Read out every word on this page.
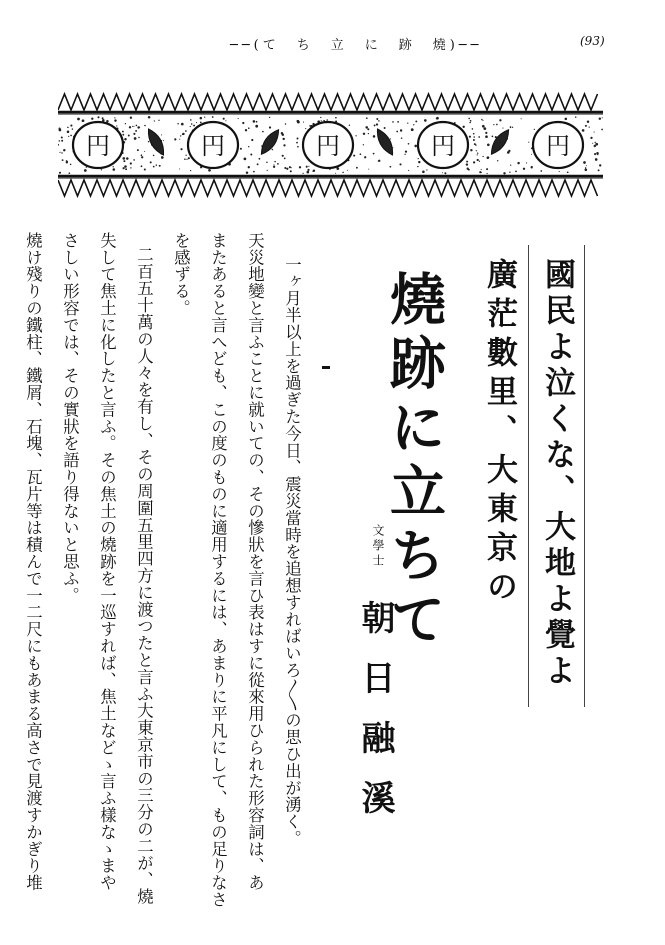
──(て　ち　立　に　跡　燒)──	(93)
円	円	円	円	円
國民よ泣くな、大地よ覺よ
廣茫數里、大東京の
燒跡に立ちて
文學士
朝日融溪
一ヶ月半以上を過ぎた今日、震災當時を追想すればいろ〳〵の思ひ出が湧く。
天災地變と言ふことに就いての、その慘狀を言ひ表はすに從來用ひられた形容詞は、あ
またあると言へども、この度のものに適用するには、あまりに平凡にして、もの足りなさ
を感ずる。
二百五十萬の人々を有し、その周圍五里四方に渡つたと言ふ大東京市の三分の二が、燒
失して焦土に化したと言ふ。その焦土の燒跡を一巡すれば、焦土などゝ言ふ樣なゝまや
さしい形容では、その實狀を語り得ないと思ふ。
燒け殘りの鐵柱、鐵屑、石塊、瓦片等は積んで一二尺にもあまる高さで見渡すかぎり堆
